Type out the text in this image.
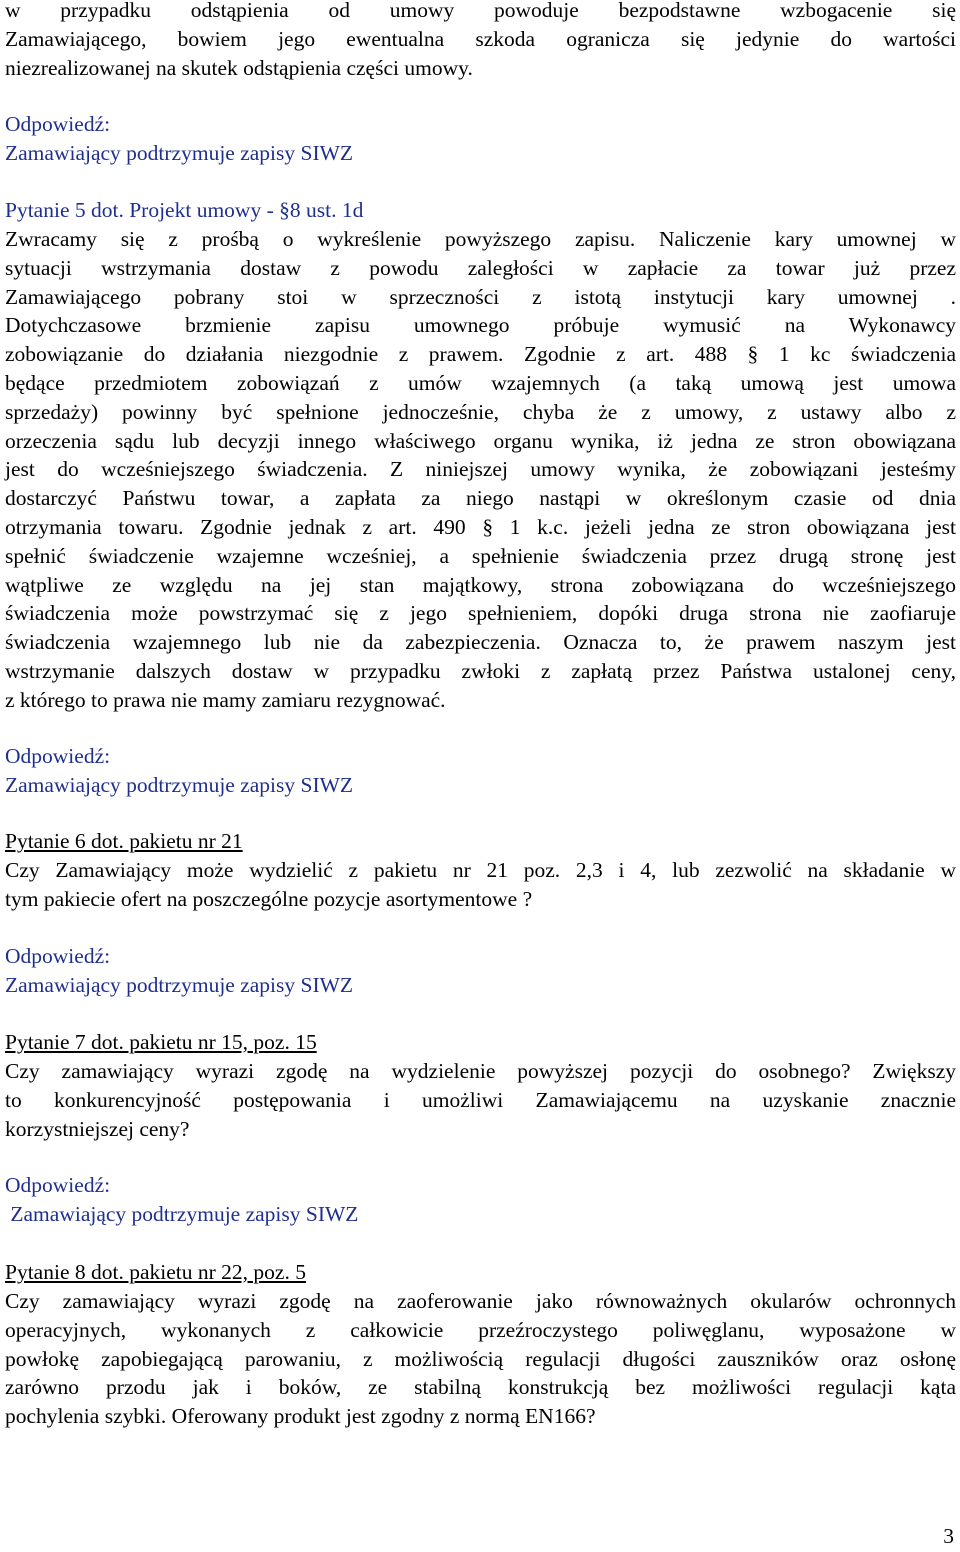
w przypadku odstąpienia od umowy powoduje bezpodstawne wzbogacenie się
Zamawiającego, bowiem jego ewentualna szkoda ogranicza się jedynie do wartości
niezrealizowanej na skutek odstąpienia części umowy.
Odpowiedź:
Zamawiający podtrzymuje zapisy SIWZ
Pytanie 5 dot. Projekt umowy - §8 ust. 1d
Zwracamy się z prośbą o wykreślenie powyższego zapisu. Naliczenie kary umownej w
sytuacji wstrzymania dostaw z powodu zaległości w zapłacie za towar już przez
Zamawiającego pobrany stoi w sprzeczności z istotą instytucji kary umownej .
Dotychczasowe brzmienie zapisu umownego próbuje wymusić na Wykonawcy
zobowiązanie do działania niezgodnie z prawem. Zgodnie z art. 488 § 1 kc świadczenia
będące przedmiotem zobowiązań z umów wzajemnych (a taką umową jest umowa
sprzedaży) powinny być spełnione jednocześnie, chyba że z umowy, z ustawy albo z
orzeczenia sądu lub decyzji innego właściwego organu wynika, iż jedna ze stron obowiązana
jest do wcześniejszego świadczenia. Z niniejszej umowy wynika, że zobowiązani jesteśmy
dostarczyć Państwu towar, a zapłata za niego nastąpi w określonym czasie od dnia
otrzymania towaru. Zgodnie jednak z art. 490 § 1 k.c. jeżeli jedna ze stron obowiązana jest
spełnić świadczenie wzajemne wcześniej, a spełnienie świadczenia przez drugą stronę jest
wątpliwe ze względu na jej stan majątkowy, strona zobowiązana do wcześniejszego
świadczenia może powstrzymać się z jego spełnieniem, dopóki druga strona nie zaofiaruje
świadczenia wzajemnego lub nie da zabezpieczenia. Oznacza to, że prawem naszym jest
wstrzymanie dalszych dostaw w przypadku zwłoki z zapłatą przez Państwa ustalonej ceny,
z którego to prawa nie mamy zamiaru rezygnować.
Odpowiedź:
Zamawiający podtrzymuje zapisy SIWZ
Pytanie 6 dot. pakietu nr 21
Czy Zamawiający może wydzielić z pakietu nr 21 poz. 2,3 i 4, lub zezwolić na składanie w
tym pakiecie ofert na poszczególne pozycje asortymentowe ?
Odpowiedź:
Zamawiający podtrzymuje zapisy SIWZ
Pytanie 7 dot. pakietu nr 15, poz. 15
Czy zamawiający wyrazi zgodę na wydzielenie powyższej pozycji do osobnego? Zwiększy
to konkurencyjność postępowania i umożliwi Zamawiającemu na uzyskanie znacznie
korzystniejszej ceny?
Odpowiedź:
Zamawiający podtrzymuje zapisy SIWZ
Pytanie 8 dot. pakietu nr 22, poz. 5
Czy zamawiający wyrazi zgodę na zaoferowanie jako równoważnych okularów ochronnych
operacyjnych, wykonanych z całkowicie przeźroczystego poliwęglanu, wyposażone w
powłokę zapobiegającą parowaniu, z możliwością regulacji długości zauszników oraz osłonę
zarówno przodu jak i boków, ze stabilną konstrukcją bez możliwości regulacji kąta
pochylenia szybki. Oferowany produkt jest zgodny z normą EN166?
3
